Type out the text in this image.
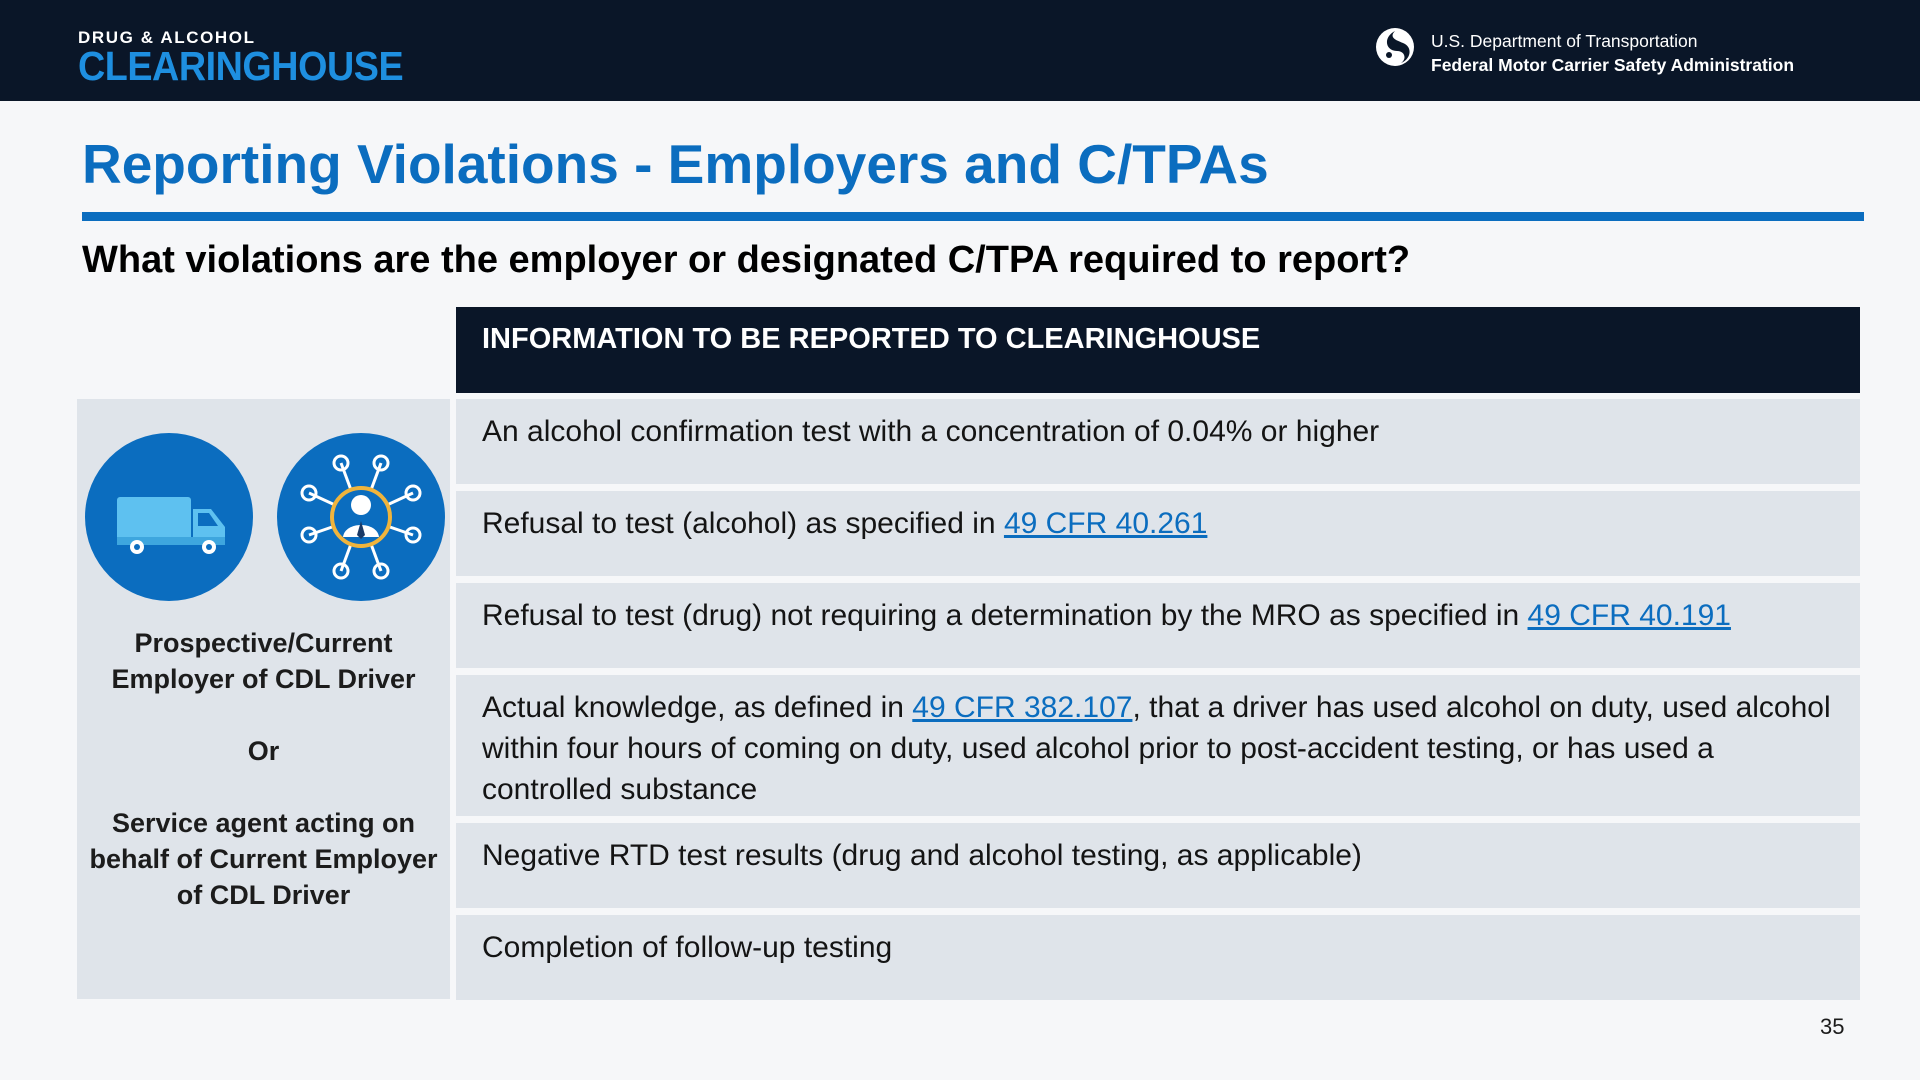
DRUG & ALCOHOL
CLEARINGHOUSE
U.S. Department of Transportation
Federal Motor Carrier Safety Administration
Reporting Violations - Employers and C/TPAs
What violations are the employer or designated C/TPA required to report?
INFORMATION TO BE REPORTED TO CLEARINGHOUSE

Prospective/Current Employer of CDL Driver

Or

Service agent acting on behalf of Current Employer of CDL Driver

An alcohol confirmation test with a concentration of 0.04% or higher
Refusal to test (alcohol) as specified in 49 CFR 40.261
Refusal to test (drug) not requiring a determination by the MRO as specified in 49 CFR 40.191
Actual knowledge, as defined in 49 CFR 382.107, that a driver has used alcohol on duty, used alcohol within four hours of coming on duty, used alcohol prior to post-accident testing, or has used a controlled substance
Negative RTD test results (drug and alcohol testing, as applicable)
Completion of follow-up testing
35
